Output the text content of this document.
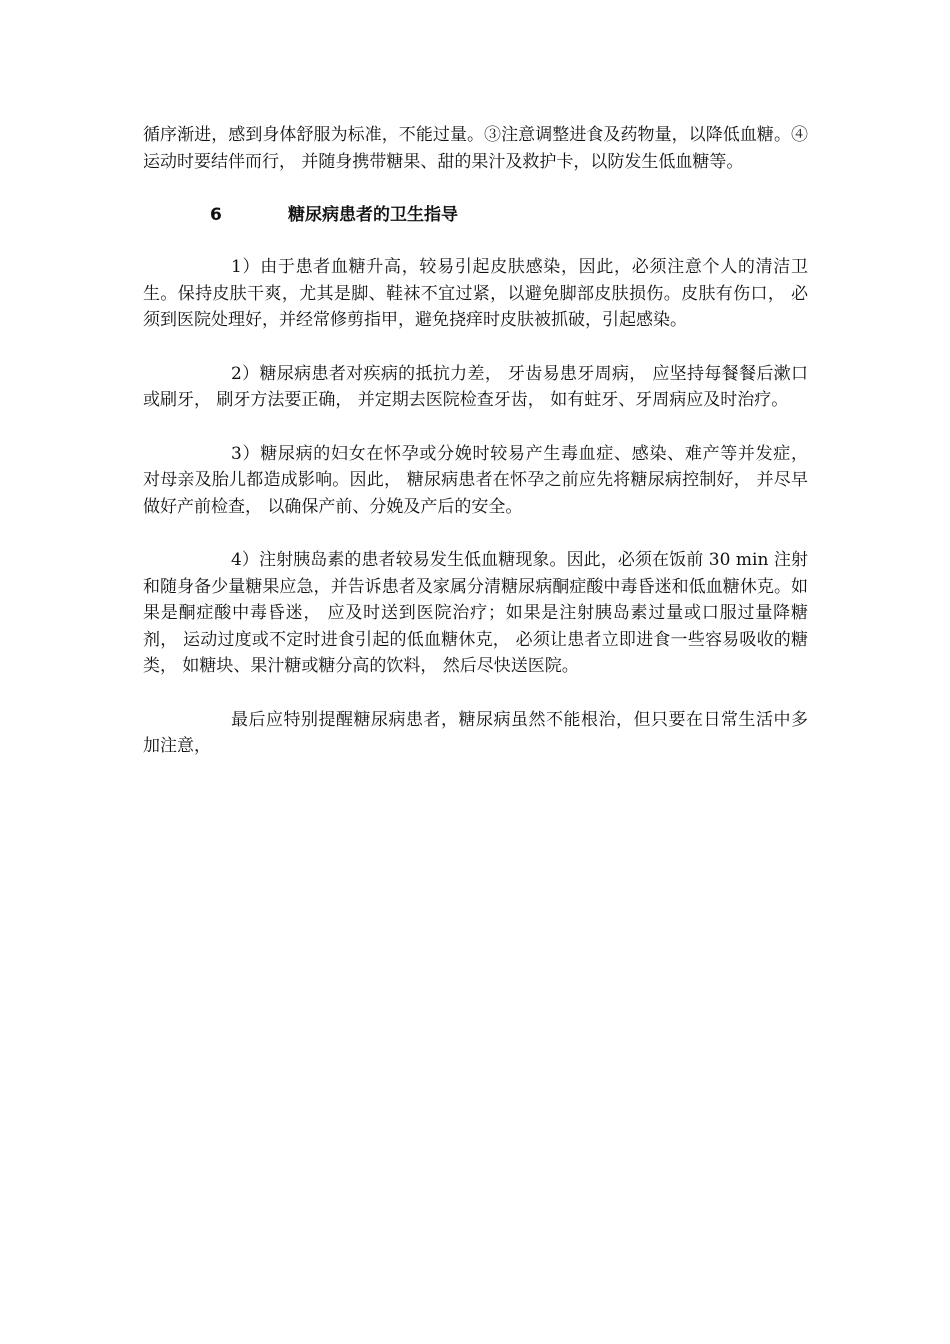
循序渐进，感到身体舒服为标准，不能过量。③注意调整进食及药物量，以降低血糖。④运动时要结伴而行， 并随身携带糖果、甜的果汁及救护卡，以防发生低血糖等。

6	糖尿病患者的卫生指导

1）由于患者血糖升高，较易引起皮肤感染，因此，必须注意个人的清洁卫生。保持皮肤干爽，尤其是脚、鞋袜不宜过紧，以避免脚部皮肤损伤。皮肤有伤口， 必须到医院处理好，并经常修剪指甲，避免挠痒时皮肤被抓破，引起感染。

2）糖尿病患者对疾病的抵抗力差， 牙齿易患牙周病， 应坚持每餐餐后漱口或刷牙， 刷牙方法要正确， 并定期去医院检查牙齿， 如有蛀牙、牙周病应及时治疗。

3）糖尿病的妇女在怀孕或分娩时较易产生毒血症、感染、难产等并发症， 对母亲及胎儿都造成影响。因此， 糖尿病患者在怀孕之前应先将糖尿病控制好， 并尽早做好产前检查， 以确保产前、分娩及产后的安全。

4）注射胰岛素的患者较易发生低血糖现象。因此，必须在饭前 30 min 注射和随身备少量糖果应急，并告诉患者及家属分清糖尿病酮症酸中毒昏迷和低血糖休克。如果是酮症酸中毒昏迷， 应及时送到医院治疗；如果是注射胰岛素过量或口服过量降糖剂， 运动过度或不定时进食引起的低血糖休克， 必须让患者立即进食一些容易吸收的糖类， 如糖块、果汁糖或糖分高的饮料， 然后尽快送医院。

最后应特别提醒糖尿病患者，糖尿病虽然不能根治，但只要在日常生活中多加注意，
